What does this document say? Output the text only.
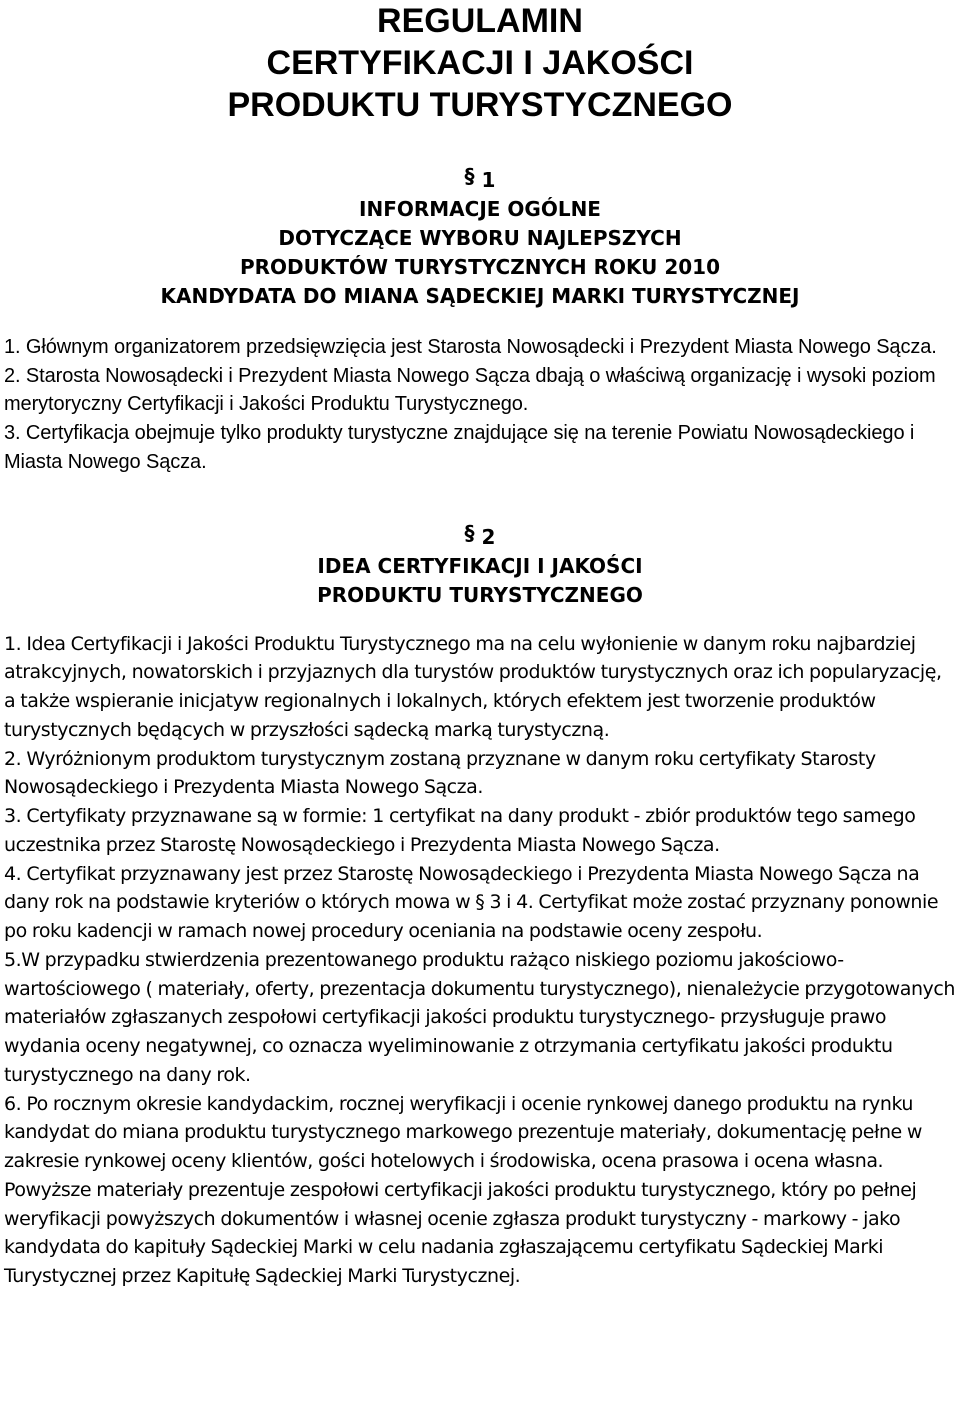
REGULAMIN
CERTYFIKACJI I JAKOŚCI
PRODUKTU TURYSTYCZNEGO
§ 1
INFORMACJE OGÓLNE
DOTYCZĄCE WYBORU NAJLEPSZYCH
PRODUKTÓW TURYSTYCZNYCH ROKU 2010
KANDYDATA DO MIANA SĄDECKIEJ MARKI TURYSTYCZNEJ

1. Głównym organizatorem przedsięwzięcia jest Starosta Nowosądecki i Prezydent Miasta Nowego Sącza.

2. Starosta Nowosądecki i Prezydent Miasta Nowego Sącza dbają o właściwą organizację i wysoki poziom merytoryczny Certyfikacji i Jakości Produktu Turystycznego.

3. Certyfikacja obejmuje tylko produkty turystyczne znajdujące się na terenie Powiatu Nowosądeckiego i Miasta Nowego Sącza.

§ 2
IDEA CERTYFIKACJI I JAKOŚCI
PRODUKTU TURYSTYCZNEGO

1. Idea Certyfikacji i Jakości Produktu Turystycznego ma na celu wyłonienie w danym roku najbardziej atrakcyjnych, nowatorskich i przyjaznych dla turystów produktów turystycznych oraz ich popularyzację, a także wspieranie inicjatyw regionalnych i lokalnych, których efektem jest tworzenie produktów turystycznych będących w przyszłości sądecką marką turystyczną.

2. Wyróżnionym produktom turystycznym zostaną przyznane w danym roku certyfikaty Starosty Nowosądeckiego i Prezydenta Miasta Nowego Sącza.

3. Certyfikaty przyznawane są w formie: 1 certyfikat na dany produkt - zbiór produktów tego samego uczestnika przez Starostę Nowosądeckiego i Prezydenta Miasta Nowego Sącza.

4. Certyfikat przyznawany jest przez Starostę Nowosądeckiego i Prezydenta Miasta Nowego Sącza na dany rok na podstawie kryteriów o których mowa w § 3 i 4. Certyfikat może zostać przyznany ponownie po roku kadencji w ramach nowej procedury oceniania na podstawie oceny zespołu.

5.W przypadku stwierdzenia prezentowanego produktu rażąco niskiego poziomu jakościowo- wartościowego ( materiały, oferty, prezentacja dokumentu turystycznego), nienależycie przygotowanych materiałów zgłaszanych zespołowi certyfikacji jakości produktu turystycznego- przysługuje prawo wydania oceny negatywnej, co oznacza wyeliminowanie z otrzymania certyfikatu jakości produktu turystycznego na dany rok.

6. Po rocznym okresie kandydackim, rocznej weryfikacji i ocenie rynkowej danego produktu na rynku kandydat do miana produktu turystycznego markowego prezentuje materiały, dokumentację pełne w zakresie rynkowej oceny klientów, gości hotelowych i środowiska, ocena prasowa i ocena własna. Powyższe materiały prezentuje zespołowi certyfikacji jakości produktu turystycznego, który po pełnej weryfikacji powyższych dokumentów i własnej ocenie zgłasza produkt turystyczny - markowy - jako kandydata do kapituły Sądeckiej Marki w celu nadania zgłaszającemu certyfikatu Sądeckiej Marki Turystycznej przez Kapitułę Sądeckiej Marki Turystycznej.
